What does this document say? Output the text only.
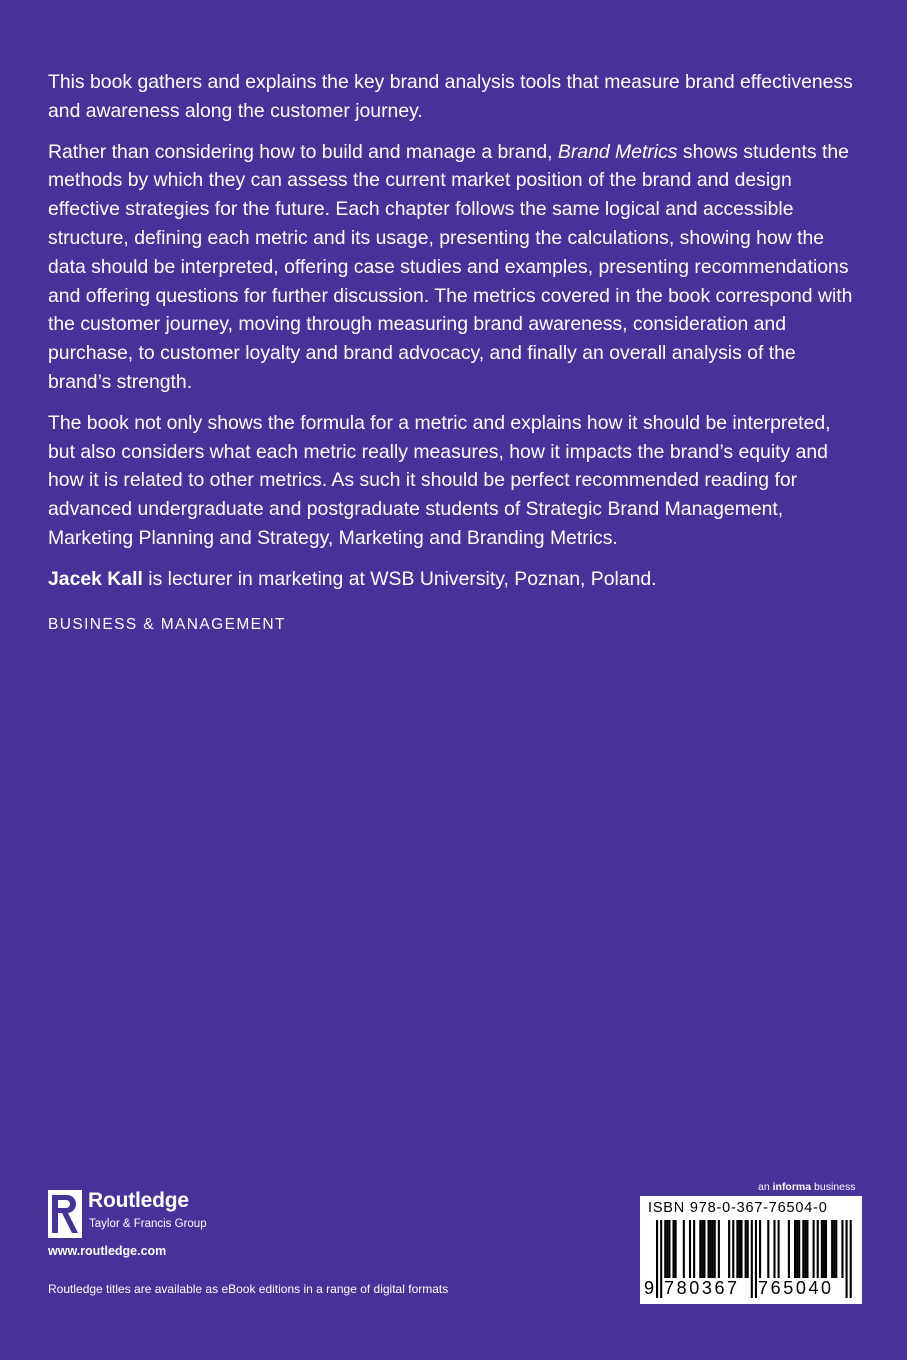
This book gathers and explains the key brand analysis tools that measure brand effectiveness and awareness along the customer journey.

Rather than considering how to build and manage a brand, Brand Metrics shows students the methods by which they can assess the current market position of the brand and design effective strategies for the future. Each chapter follows the same logical and accessible structure, defining each metric and its usage, presenting the calculations, showing how the data should be interpreted, offering case studies and examples, presenting recommendations and offering questions for further discussion. The metrics covered in the book correspond with the customer journey, moving through measuring brand awareness, consideration and purchase, to customer loyalty and brand advocacy, and finally an overall analysis of the brand’s strength.

The book not only shows the formula for a metric and explains how it should be interpreted, but also considers what each metric really measures, how it impacts the brand’s equity and how it is related to other metrics. As such it should be perfect recommended reading for advanced undergraduate and postgraduate students of Strategic Brand Management, Marketing Planning and Strategy, Marketing and Branding Metrics.

Jacek Kall is lecturer in marketing at WSB University, Poznan, Poland.

BUSINESS & MANAGEMENT
Routledge
Taylor & Francis Group
www.routledge.com
Routledge titles are available as eBook editions in a range of digital formats
an informa business
ISBN 978-0-367-76504-0
9 780367 765040
